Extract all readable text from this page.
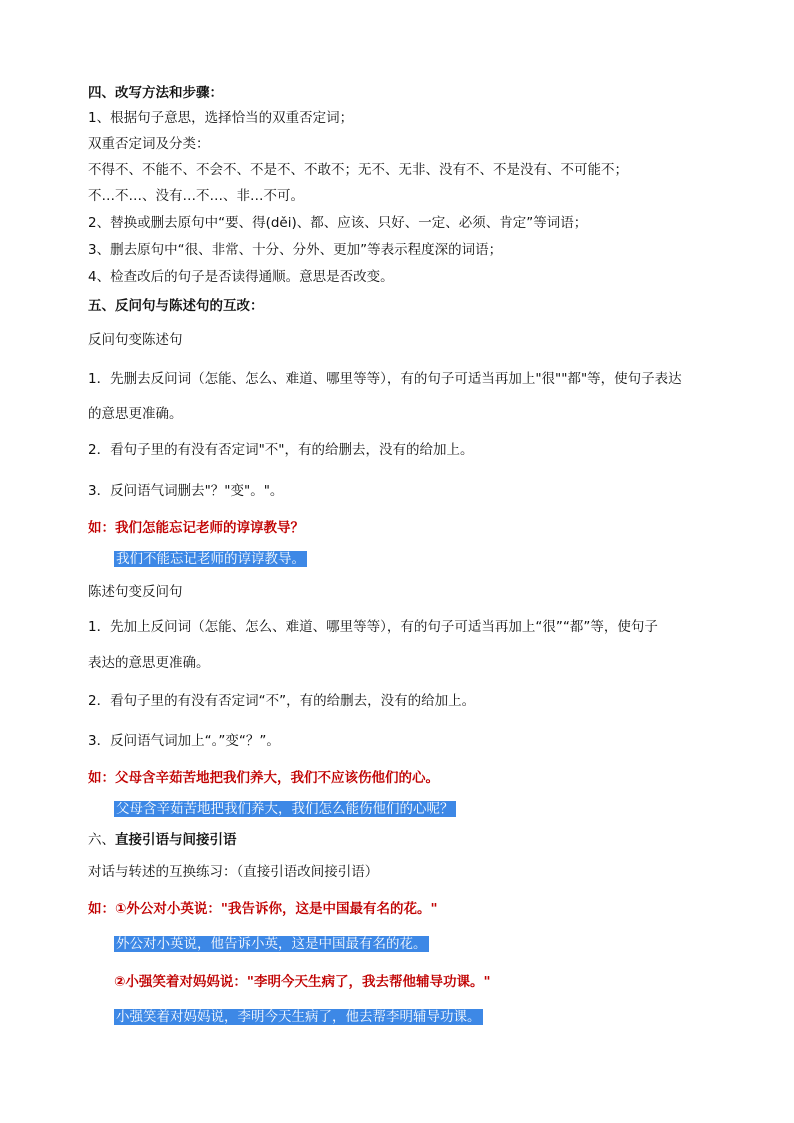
四、改写方法和步骤：

1、根据句子意思，选择恰当的双重否定词；

双重否定词及分类：

不得不、不能不、不会不、不是不、不敢不；无不、无非、没有不、不是没有、不可能不；

不…不…、没有…不…、非…不可。

2、替换或删去原句中“要、得(děi)、都、应该、只好、一定、必须、肯定”等词语；

3、删去原句中“很、非常、十分、分外、更加”等表示程度深的词语；

4、检查改后的句子是否读得通顺。意思是否改变。

五、反问句与陈述句的互改：

反问句变陈述句

1．先删去反问词（怎能、怎么、难道、哪里等等），有的句子可适当再加上"很""都"等，使句子表达

的意思更准确。

2．看句子里的有没有否定词"不"，有的给删去，没有的给加上。

3．反问语气词删去"？"变"。"。

如：我们怎能忘记老师的谆谆教导？

我们不能忘记老师的谆谆教导。

陈述句变反问句

1．先加上反问词（怎能、怎么、难道、哪里等等），有的句子可适当再加上“很”“都”等，使句子

表达的意思更准确。

2．看句子里的有没有否定词“不”，有的给删去，没有的给加上。

3．反问语气词加上“。”变“？”。

如：父母含辛茹苦地把我们养大，我们不应该伤他们的心。

父母含辛茹苦地把我们养大，我们怎么能伤他们的心呢？

六、直接引语与间接引语

对话与转述的互换练习：（直接引语改间接引语）

如：①外公对小英说："我告诉你，这是中国最有名的花。"

外公对小英说，他告诉小英，这是中国最有名的花。

②小强笑着对妈妈说："李明今天生病了，我去帮他辅导功课。"

小强笑着对妈妈说，李明今天生病了，他去帮李明辅导功课。
